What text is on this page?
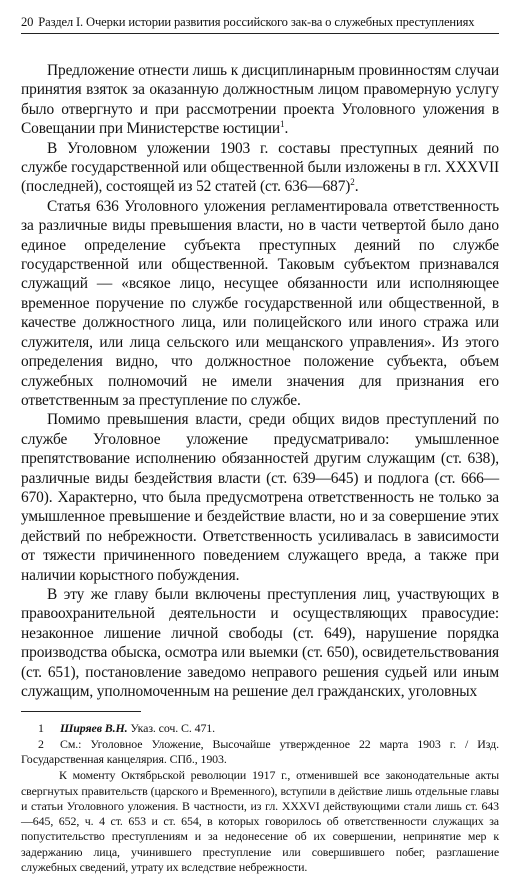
20 Раздел I. Очерки истории развития российского зак-ва о служебных преступлениях

Предложение отнести лишь к дисциплинарным провинностям случаи принятия взяток за оказанную должностным лицом правомерную услугу было отвергнуто и при рассмотрении проекта Уголовного уложения в Совещании при Министерстве юстиции$^1$.

В Уголовном уложении 1903 г. составы преступных деяний по службе государственной или общественной были изложены в гл. XXXVII (последней), состоящей из 52 статей (ст. 636—687)$^2$.

Статья 636 Уголовного уложения регламентировала ответственность за различные виды превышения власти, но в части четвертой было дано единое определение субъекта преступных деяний по службе государственной или общественной. Таковым субъектом признавался служащий — «всякое лицо, несущее обязанности или исполняющее временное поручение по службе государственной или общественной, в качестве должностного лица, или полицейского или иного стража или служителя, или лица сельского или мещанского управления». Из этого определения видно, что должностное положение субъекта, объем служебных полномочий не имели значения для признания его ответственным за преступление по службе.

Помимо превышения власти, среди общих видов преступлений по службе Уголовное уложение предусматривало: умышленное препятствование исполнению обязанностей другим служащим (ст. 638), различные виды бездействия власти (ст. 639—645) и подлога (ст. 666—670). Характерно, что была предусмотрена ответственность не только за умышленное превышение и бездействие власти, но и за совершение этих действий по небрежности. Ответственность усиливалась в зависимости от тяжести причиненного поведением служащего вреда, а также при наличии корыстного побуждения.

В эту же главу были включены преступления лиц, участвующих в правоохранительной деятельности и осуществляющих правосудие: незаконное лишение личной свободы (ст. 649), нарушение порядка производства обыска, осмотра или выемки (ст. 650), освидетельствования (ст. 651), постановление заведомо неправого решения судьей или иным служащим, уполномоченным на решение дел гражданских, уголовных

1 Ширяев В.Н. Указ. соч. С. 471.

2 См.: Уголовное Уложение, Высочайше утвержденное 22 марта 1903 г. / Изд. Государственная канцелярия. СПб., 1903.

К моменту Октябрьской революции 1917 г., отменившей все законодательные акты свергнутых правительств (царского и Временного), вступили в действие лишь отдельные главы и статьи Уголовного уложения. В частности, из гл. XXXVI действующими стали лишь ст. 643—645, 652, ч. 4 ст. 653 и ст. 654, в которых говорилось об ответственности служащих за попустительство преступлениям и за недонесение об их совершении, непринятие мер к задержанию лица, учинившего преступление или совершившего побег, разглашение служебных сведений, утрату их вследствие небрежности.
